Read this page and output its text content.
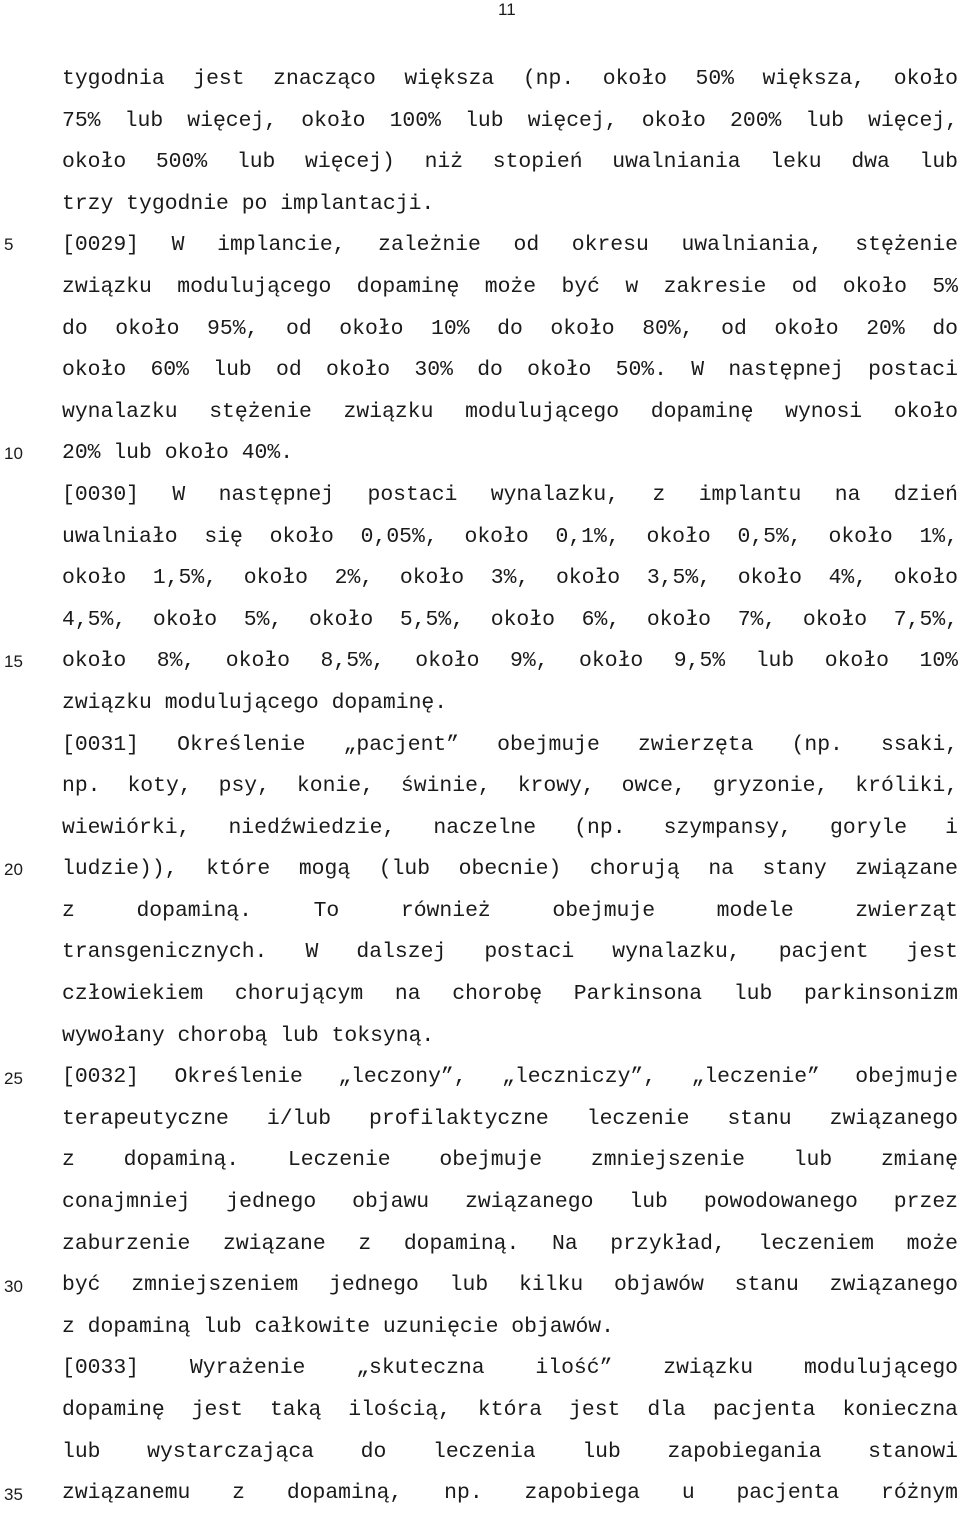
11
5
10
15
20
25
30
35
tygodnia jest znacząco większa (np. około 50% większa, około
75% lub więcej, około 100% lub więcej, około 200% lub więcej,
około 500% lub więcej) niż stopień uwalniania leku dwa lub
trzy tygodnie po implantacji.
[0029] W implancie, zależnie od okresu uwalniania, stężenie
związku modulującego dopaminę może być w zakresie od około 5%
do około 95%, od około 10% do około 80%, od około 20% do
około 60% lub od około 30% do około 50%. W następnej postaci
wynalazku stężenie związku modulującego dopaminę wynosi około
20% lub około 40%.
[0030] W następnej postaci wynalazku, z implantu na dzień
uwalniało się około 0,05%, około 0,1%, około 0,5%, około 1%,
około 1,5%, około 2%, około 3%, około 3,5%, około 4%, około
4,5%, około 5%, około 5,5%, około 6%, około 7%, około 7,5%,
około 8%, około 8,5%, około 9%, około 9,5% lub około 10%
związku modulującego dopaminę.
[0031] Określenie „pacjent” obejmuje zwierzęta (np. ssaki,
np. koty, psy, konie, świnie, krowy, owce, gryzonie, króliki,
wiewiórki, niedźwiedzie, naczelne (np. szympansy, goryle i
ludzie)), które mogą (lub obecnie) chorują na stany związane
z dopaminą. To również obejmuje modele zwierząt
transgenicznych. W dalszej postaci wynalazku, pacjent jest
człowiekiem chorującym na chorobę Parkinsona lub parkinsonizm
wywołany chorobą lub toksyną.
[0032] Określenie „leczony”, „leczniczy”, „leczenie” obejmuje
terapeutyczne i/lub profilaktyczne leczenie stanu związanego
z dopaminą. Leczenie obejmuje zmniejszenie lub zmianę
conajmniej jednego objawu związanego lub powodowanego przez
zaburzenie związane z dopaminą. Na przykład, leczeniem może
być zmniejszeniem jednego lub kilku objawów stanu związanego
z dopaminą lub całkowite uzunięcie objawów.
[0033] Wyrażenie „skuteczna ilość” związku modulującego
dopaminę jest taką ilością, która jest dla pacjenta konieczna
lub wystarczająca do leczenia lub zapobiegania stanowi
związanemu z dopaminą, np. zapobiega u pacjenta różnym
